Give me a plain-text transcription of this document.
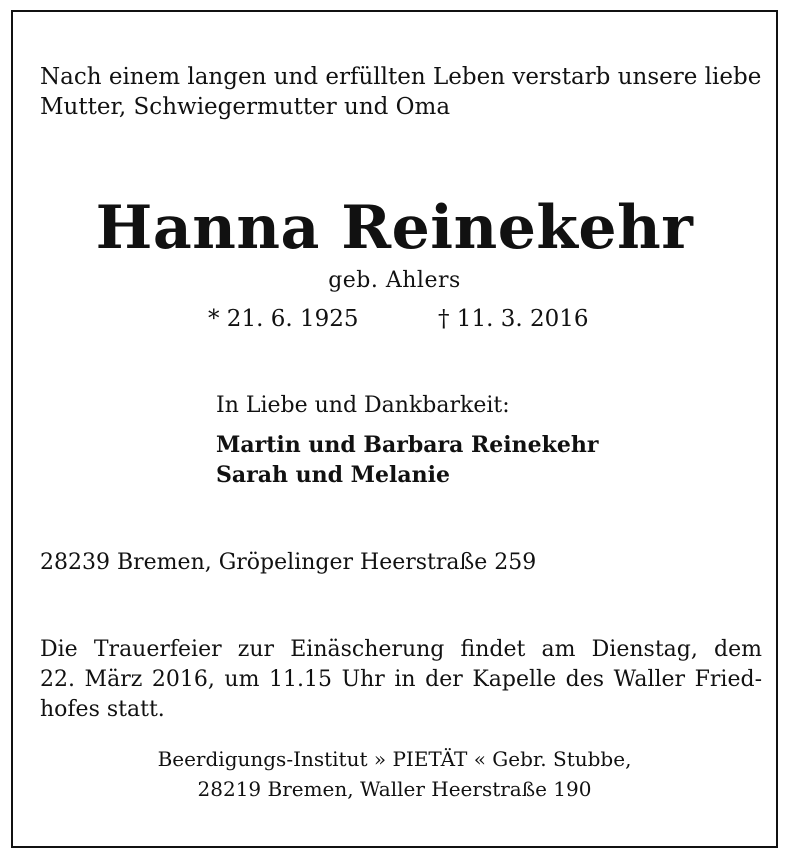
Nach einem langen und erfüllten Leben verstarb unsere liebe
Mutter, Schwiegermutter und Oma
Hanna Reinekehr
geb. Ahlers
* 21. 6. 1925	† 11. 3. 2016
In Liebe und Dankbarkeit:
Martin und Barbara Reinekehr
Sarah und Melanie
28239 Bremen, Gröpelinger Heerstraße 259
Die Trauerfeier zur Einäscherung findet am Dienstag, dem
22. März 2016, um 11.15 Uhr in der Kapelle des Waller Fried-
hofes statt.
Beerdigungs-Institut » PIETÄT « Gebr. Stubbe,
28219 Bremen, Waller Heerstraße 190
